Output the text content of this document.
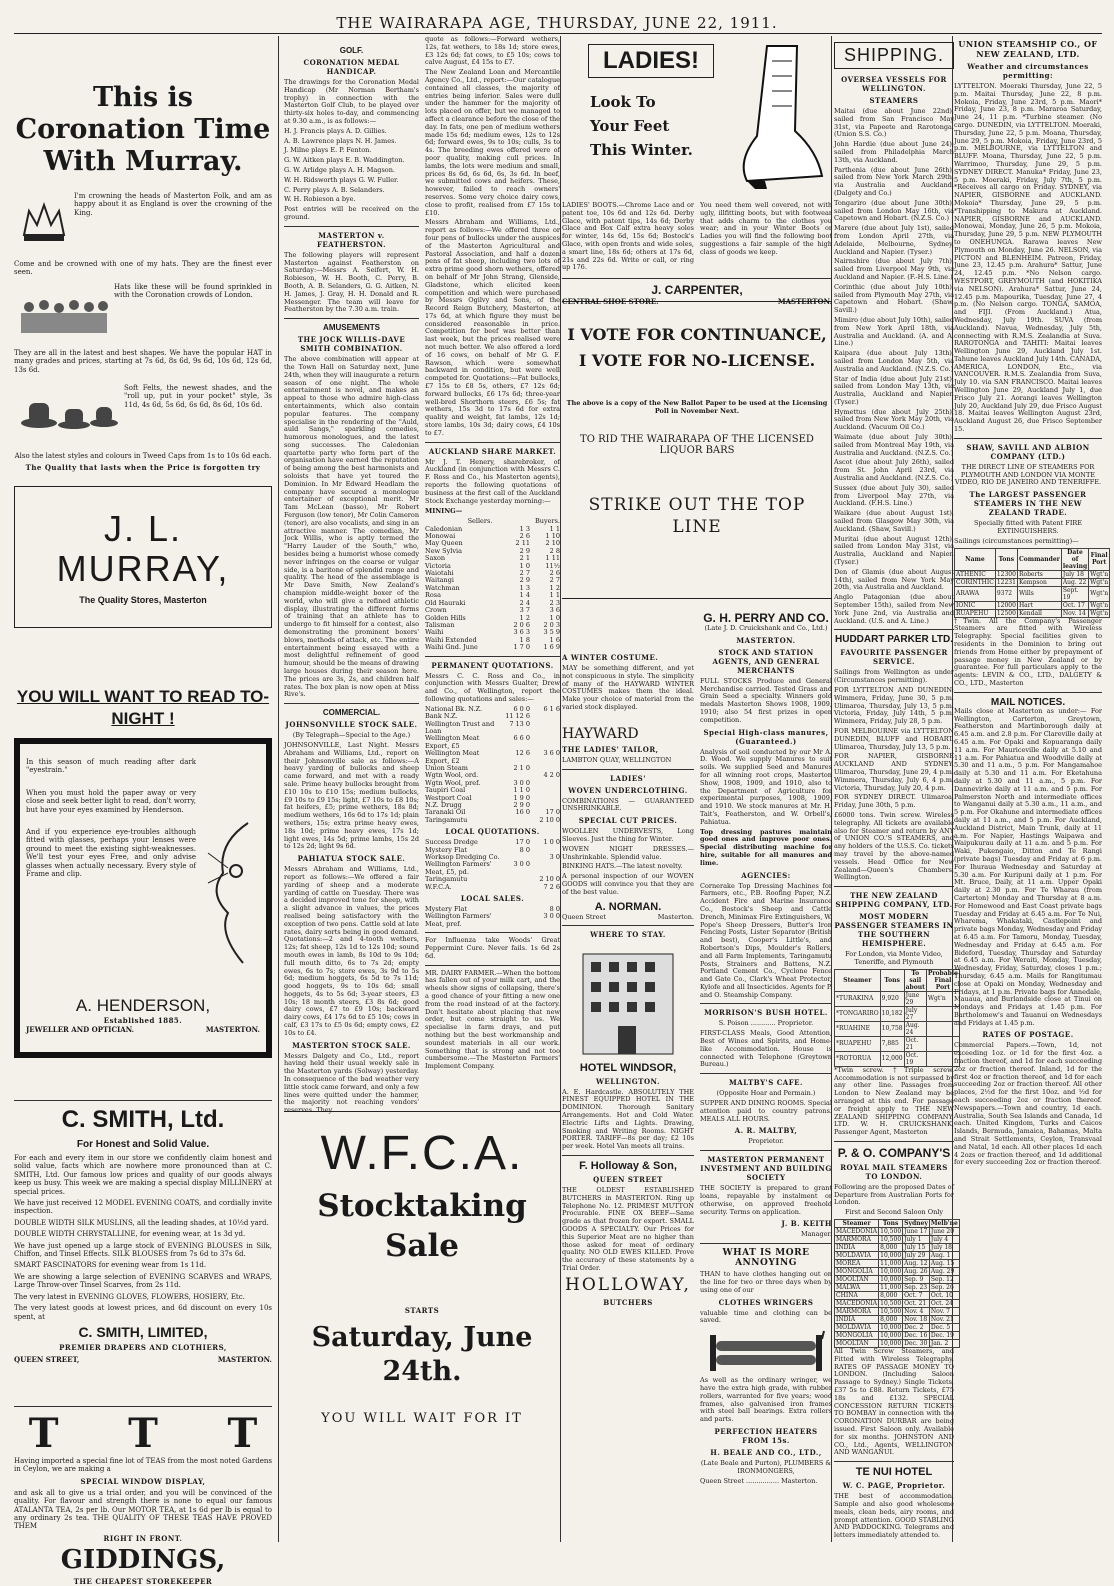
THE WAIRARAPA AGE, THURSDAY, JUNE 22, 1911.
This is Coronation Time With Murray.
I'm crowning the heads of Masterton Folk, and am as happy about it as England is over the crowning of the King.
Come and be crowned with one of my hats. They are the finest ever seen.
Hats like these will be found sprinkled in with the Coronation crowds of London.
They are all in the latest and best shapes. We have the popular HAT in many grades and prices, starting at 7s 6d, 8s 6d, 9s 6d, 10s 6d, 12s 6d, 13s 6d.
Soft Felts, the newest shades, and the "roll up, put in your pocket" style, 3s 11d, 4s 6d, 5s 6d, 6s 6d, 8s 6d, 10s 6d.
Also the latest styles and colours in Tweed Caps from 1s to 10s 6d each.
The Quality that lasts when the Price is forgotten try
J. L. MURRAY,
The Quality Stores, Masterton
YOU WILL WANT TO READ TO-NIGHT !
In this season of much reading after dark "eyestrain."
When you must hold the paper away or very close and seek better light to read, don't worry, but have your eyes examined by Henderson.
And if you experience eye-troubles although fitted with glasses, perhaps your lenses were ground to meet the existing sight-weaknesses. We'll test your eyes Free, and only advise glasses when actually necessary. Every style of Frame and clip.
A. HENDERSON,
Established 1885.
JEWELLER AND OPTICIAN.	MASTERTON.
C. SMITH, Ltd.
For Honest and Solid Value.
For each and every item in our store we confidently claim honest and solid value, facts which are nowhere more pronounced than at C. SMITH, Ltd. Our famous low prices and quality of our goods always keep us busy. This week we are making a special display MILLINERY at special prices.
We have just received 12 MODEL EVENING COATS, and cordially invite inspection.
DOUBLE WIDTH SILK MUSLINS, all the leading shades, at 10½d yard.
DOUBLE WIDTH CHRYSTALLINE, for evening wear, at 1s 3d yd.
We have just opened up a large stock of EVENING BLOUSES in Silk, Chiffon, and Tinsel Effects. SILK BLOUSES from 7s 6d to 37s 6d.
SMART FASCINATORS for evening wear from 1s 11d.
We are showing a large selection of EVENING SCARVES and WRAPS, Large Throw-over Tinsel Scarves, from 2s 11d.
The very latest in EVENING GLOVES, FLOWERS, HOSIERY, Etc.
The very latest goods at lowest prices, and 6d discount on every 10s spent, at
C. SMITH, LIMITED,
PREMIER DRAPERS AND CLOTHIERS,
QUEEN STREET,	MASTERTON.
T     T     T
Having imported a special fine lot of TEAS from the most noted Gardens in Ceylon, we are making a
SPECIAL WINDOW DISPLAY,
and ask all to give us a trial order, and you will be convinced of the quality. For flavour and strength there is none to equal our famous ATALANTA TEA, 2s per lb. Our MOTOR TEA, at 1s 6d per lb is equal to any ordinary 2s tea. THE QUALITY OF THESE TEAS HAVE PROVED THEM
RIGHT IN FRONT.
GIDDINGS,
THE CHEAPEST STOREKEEPER
GOLF.
CORONATION MEDAL HANDICAP.
The drawings for the Coronation Medal Handicap (Mr Norman Bertham's trophy) in connection with the Masterton Golf Club, to be played over thirty-six holes to-day, and commencing at 9.30 a.m., is as follows:—
H. J. Francis plays A. D. Gillies.
A. B. Lawrence plays N. H. James.
J. Milne plays E. P. Fenton.
G. W. Aitken plays E. B. Waddington.
G. W. Arlidge plays A. H. Magson.
W. H. Ridsworth plays G. W. Fuller.
C. Perry plays A. B. Selanders.
W. H. Robieson a bye.
Post entries will be received on the ground.
MASTERTON v. FEATHERSTON.
The following players will represent Masterton against Featherston on Saturday:—Messrs A. Seifert, W. H. Robieson, W. H. Booth, C. Perry, B. Booth, A. B. Selanders, G. G. Aitken, N. H. James, J. Gray, H. H. Donald and R. Messenger. The team will leave for Featherston by the 7.30 a.m. train.
AMUSEMENTS
THE JOCK WILLIS-DAVE SMITH COMBINATION.
The above combination will appear at the Town Hall on Saturday next, June 24th, when they will inaugurate a return season of one night. The whole entertainment is novel, and makes an appeal to those who admire high-class entertainments, which also contain popular features. The company specialise in the rendering of the "Auld, auld Sangs," sparkling comedies, humorous monologues, and the latest song successes. The Caledonian quartette party who form part of the organisation have earned the reputation of being among the best harmonists and soloists that have yet toured the Dominion. In Mr Edward Headlam the company have secured a monologue entertainer of exceptional merit. Mr Tam McLean (basso), Mr Robert Ferguson (low tenor), Mr Colin Cameron (tenor), are also vocalists, and sing in an attractive manner. The comedian, Mr Jock Willis, who is aptly termed the "Harry Lauder of the South," who, besides being a humorist whose comedy never infringes on the coarse or vulgar side, is a baritone of splendid range and quality. The head of the assemblage is Mr Dave Smith, New Zealand's champion middle-weight boxer of the world, who will give a refined athletic display, illustrating the different forms of training that an athlete has to undergo to fit himself for a contest, also demonstrating the prominent boxers' blows, methods of attack, etc. The entire entertainment being essayed with a most delightful refinement of good humour, should be the means of drawing large houses during their season here. The prices are 3s, 2s, and children half rates. The box plan is now open at Miss Rive's.
COMMERCIAL.
JOHNSONVILLE STOCK SALE.
(By Telegraph—Special to the Age.)
JOHNSONVILLE, Last Night. Messrs Abraham and Williams, Ltd., report on their Johnsonville sale as follows:—A heavy yarding of bullocks and sheep came forward, and met with a ready sale. Prime heavy bullocks brought from £10 10s to £10 15s; medium bullocks, £9 10s to £9 15s; light, £7 10s to £8 10s; fat heifers, £5; prime wethers, 18s 8d; medium wethers, 16s 6d to 17s 1d; plain wethers, 15s; extra prime heavy ewes, 18s 10d; prime heavy ewes, 17s 1d; light ewes, 14s 5d; prime lambs, 15s 2d to 12s 2d; light 9s 6d.
PAHIATUA STOCK SALE.
Messrs Abraham and Williams, Ltd., report as follows:—We offered a fair yarding of sheep and a moderate yarding of cattle on Tuesday. There was a decided improved tone for sheep, with a slight advance in values, the prices realised being satisfactory with the exception of two pens. Cattle sold at late rates, dairy sorts being in good demand. Quotations:—2 and 4-tooth wethers, 12s; fat sheep, 12s 1d to 12s 10d; sound mouth ewes in lamb, 8s 10d to 9s 10d; full mouth ditto, 6s to 7s 2d; empty ewes, 6s to 7s; store ewes, 3s 9d to 5s 6d; medium hoggets, 6s 5d to 7s 11d; good hoggets, 9s to 10s 6d; small hoggets, 4s to 5s 6d; 3-year steers, £3 10s; 18 month steers, £3 8s 6d; good dairy cows, £7 to £9 10s; backward dairy cows, £4 17s 6d to £5 10s; cows in calf, £3 17s to £5 0s 6d; empty cows, £2 10s to £4.
MASTERTON STOCK SALE.
Messrs Dalgety and Co., Ltd., report having held their usual weekly sale in the Masterton yards (Solway) yesterday. In consequence of the bad weather very little stock came forward, and only a few lines were quitted under the hammer, the majority not reaching vendors' reserves. They
quote as follows:—Forward wethers, 12s, fat wethers, to 18s 1d; store ewes, £3 12s 6d; fat cows, to £5 10s; cows to calve August, £4 15s to £7.
The New Zealand Loan and Mercantile Agency Co., Ltd., report:—Our catalogue contained all classes, the majority of entries being inferior. Sales were dull under the hammer for the majority of lots placed on offer, but we managed to affect a clearance before the close of the day. In fats, one pen of medium wethers made 15s 6d; medium ewes, 12s to 12s 6d; forward ewes, 9s to 10s; culls, 3s to 4s. The breeding ewes offered were of poor quality, making cull prices. In lambs, the lots were medium and small, prices 8s 6d, 6s 6d, 6s, 3s 6d. In beef, we submitted cows and heifers. These, however, failed to reach owners' reserves. Some very choice dairy cows, close to profit, realised from £7 15s to £10.
Messrs Abraham and Williams, Ltd., report as follows:—We offered three or four pens of bullocks under the auspices of the Masterton Agricultural and Pastoral Association, and half a dozen pens of fat sheep, including two lots of extra prime good shorn wethers, offered on behalf of Mr John Strang, Glenside, Gladstone, which elicited keen competition and which were purchased by Messrs Ogilvy and Sons, of the Record Reign Butchery, Masterton, at 17s 6d, at which figure they must be considered reasonable in price. Competition for beef was better than last week, but the prices realised were not much better. We also offered a lord of 16 cows, on behalf of Mr G. F. Rawson, which were somewhat backward in condition, but were well competed for. Quotations:—Fat bullocks, £7 15s to £8 5s, others, £7 12s 6d; forward bullocks, £6 17s 6d; three-year well-bred Shorthorn steers, £6 5s; fat wethers, 15s 3d to 17s 6d for extra quality and weight, fat lambs, 12s 1d; store lambs, 10s 3d; dairy cows, £4 10s to £7.
AUCKLAND SHARE MARKET.
Mr J. T. Henery, sharebroker, of Auckland (in conjunction with Messrs C. F. Ross and Co., his Masterton agents), reports the following quotations of business at the first call of the Auckland Stock Exchange yesterday morning:—
MINING—
Sellers.	Buyers.
Caledonian	1 3	1 1
Monowai	2 6	1 10
May Queen	2 11	2 10
New Sylvia	2 9	2 8
Saxon	2 1	1 11
Victoria	1 0	11½
Waiotahi	2 7	2 6
Waitangi	2 9	2 7
Watchman	1 3	1 2
Rosa	1 4	1 1
Old Hauraki	2 4	2 3
Crown	3 7	3 6
Golden Hills	1 2	1 0
Talisman	2 0 6	2 0 3
Waihi	3 6 3	3 5 9
Waihi Extended	1 8	1 6
Waihi Gnd. June	1 7 0	1 6 9
PERMANENT QUOTATIONS.
Messrs C. C. Ross and Co., in conjunction with Messrs Gualter, Drew and Co., of Wellington, report the following quotations and sales:—
National Bk. N.Z.	6 0 0	6 1 6
Bank N.Z.	11 12 6
Wellington Trust and Loan
7 13 0
Wellington Meat Export, £5
6 6 0
Wellington Meat Export, £2
12 6	3 6 0
Union Steam	2 1 0
Wgtn Wool, ord.	4 2 0
Wgtn Wool, pref.	3 0 0
Taupiri Coal	1 1 0
Westport Coal	1 9 0
N.Z. Drugg	2 9 0
Taranaki Oil	16 0	17 0
Taringamutu	2 10 0
LOCAL QUOTATIONS.
Success Dredge	17 0	1 0 0
Mystery Flat	8 0
Worksop Dredging Co.	3 0
Wellington Farmers' Meat, £5, pd.
3 0 0
Taringamutu	2 10 0
W.F.C.A.	7 2 6
LOCAL SALES.
Mystery Flat	8 0
Wellington Farmers' Meat, pref.
3 0 0
For Influenza take Woods' Great Peppermint Cure. Never fails. 1s 6d 2s 6d.
MR. DAIRY FARMER.—When the bottom has fallen out of your milk cart, and the wheels show signs of collapsing, there's a good chance of your fitting a new one from the road instead of at the factory. Don't hesitate about placing that new order, but come straight to us. We specialise in farm drays, and put nothing but the best workmanship and soundest materials in all our work. Something that is strong and not too cumbersome.—The Masterton Farmers' Implement Company.
W.F.C.A.
Stocktaking Sale
STARTS
Saturday, June 24th.
YOU WILL WAIT FOR IT
LADIES!
Look To
Your Feet
This Winter.
LADIES' BOOTS.—Chrome Lace and or patent toe, 10s 6d and 12s 6d. Derby Glace, with patent tips, 14s 6d; Derby Glace and Box Calf extra heavy soles for winter, 14s 6d, 15s 6d; Bostock's Glace, with open fronts and wide soles, a smart line, 18s 6d; others at 17s 6d, 21s and 22s 6d. Write or call, or ring up 176.
You need them well covered, not with ugly, illfitting boots, but with footwear that adds charm to the clothes you wear; and in your Winter Boots or Ladies you will find the following boot suggestions a fair sample of the high class of goods we keep.
J. CARPENTER,
CENTRAL SHOE STORE.	MASTERTON.
I VOTE FOR CONTINUANCE,
I VOTE FOR NO-LICENSE.
The above is a copy of the New Ballot Paper to be used at the Licensing Poll in November Next.
TO RID THE WAIRARAPA OF THE LICENSED LIQUOR BARS
STRIKE OUT THE TOP LINE
A WINTER COSTUME.
MAY be something different, and yet not conspicuous in style. The simplicity of many of the HAYWARD WINTER COSTUMES makes them the ideal. Make your choice of material from the varied stock displayed.
HAYWARD
THE LADIES' TAILOR,
LAMBTON QUAY, WELLINGTON
LADIES'
WOVEN UNDERCLOTHING.
COMBINATIONS — GUARANTEED UNSHRINKABLE.
SPECIAL CUT PRICES.
WOOLLEN UNDERVESTS, Long Sleeves. Just the thing for Winter.
WOVEN NIGHT DRESSES.—Unshrinkable. Splendid value.
BINKING HATS.—The latest novelty.
A personal inspection of our WOVEN GOODS will convince you that they are of the best value.
A. NORMAN.
Queen Street	Masterton.
WHERE TO STAY.
HOTEL WINDSOR,
WELLINGTON.
A. E. Hardcastle. ABSOLUTELY THE FINEST EQUIPPED HOTEL IN THE DOMINION. Thorough Sanitary Arrangements. Hot and Cold Water. Electric Lifts and Lights. Drawing, Smoking and Writing Rooms. NIGHT PORTER. TARIFF—8s per day; £2 10s per week. Hotel Van meets all trains.
F. Holloway & Son,
QUEEN STREET
THE OLDEST ESTABLISHED BUTCHERS in MASTERTON. Ring up Telephone No. 12. PRIMEST MUTTON Procurable. FINE OX BEEF—Same grade as that frozen for export. SMALL GOODS A SPECIALTY. Our Prices for this Superior Meat are no higher than those asked for meat of ordinary quality. NO OLD EWES KILLED. Prove the accuracy of these statements by a Trial Order.
HOLLOWAY,
BUTCHERS
G. H. PERRY AND CO.
(Late J. D. Cruickshank and Co., Ltd.)
MASTERTON.
STOCK AND STATION AGENTS, AND GENERAL MERCHANTS
FULL STOCKS Produce and General Merchandise carried. Tested Grass and Grain Seed a specialty. Winners gold medals Masterton Shows 1908, 1909, 1910; also 54 first prizes in open competition.
Special High-class manures, (Guaranteed.)
Analysis of soil conducted by our Mr A. D. Wood. We supply Manures to suit soils. We supplied Seed and Manures for all winning root crops, Masterton Show, 1908, 1909, and 1910, also to the Department of Agriculture for experimental purposes, 1908, 1909, and 1910. We stock manures at Mr. H. Tait's, Featherston, and W. Orbell's, Pahiatua.
Top dressing pastures maintain good ones and improve poor ones. Special distributing machine for hire, suitable for all manures and lime.
AGENCIES:
Cornerake Top Dressing Machines for Farmers, etc., P.B. Roofing Paper, N.Z. Accident Fire and Marine Insurance Co., Bostock's Sheep and Cattle Drench, Minimax Fire Extinguishers, W. Pope's Sheep Dressers, Butter's Iron Fencing Posts, Lister Separator (British and best), Cooper's Little's, and Robertson's Dips, Moulder's Rollers, and all Farm Implements, Taringamutu Posts, Strainers and Battens, N.Z. Portland Cement Co., Cyclone Fence and Gate Co., Clark's Wheat Protector, Kylofe and all Insecticides. Agents for P. and O. Steamship Company.
MORRISON'S BUSH HOTEL.
S. Poison ............ Proprietor.
FIRST-CLASS Meals, Good Attention, Best of Wines and Spirits, and Home-like Accommodation. House is connected with Telephone (Greytown Bureau.)
MALTBY'S CAFE.
(Opposite Hoar and Permain.)
SUPPER AND DINING ROOMS. Special attention paid to country patrons. MEALS ALL HOURS.
A. R. MALTBY,
Proprietor.
MASTERTON PERMANENT INVESTMENT AND BUILDING SOCIETY
THE SOCIETY is prepared to grant loans, repayable by instalment or otherwise, on approved freehold security. Terms on application.
J. B. KEITH
Manager.
WHAT IS MORE ANNOYING
THAN to have clothes hanging out on the line for two or three days when by using one of our
CLOTHES WRINGERS
valuable time and clothing can be saved.
As well as the ordinary wringer, we have the extra high grade, with rubber rollers, warranted for five years; wood frames, also galvanised iron frames with steel ball bearings. Extra rollers and parts.
PERFECTION HEATERS FROM 15s.
H. BEALE AND CO., LTD.,
(Late Beale and Purton), PLUMBERS & IRONMONGERS,
Queen Street ................ Masterton.
SHIPPING.
OVERSEA VESSELS FOR WELLINGTON.
STEAMERS
Maitai (due about June 22nd), sailed from San Francisco May 31st, via Papeete and Rarotonga. (Union S.S. Co.)
John Hardie (due about June 24), sailed from Philadelphia March 13th, via Auckland.
Parthenia (due about June 26th), sailed from New York March 29th, via Australia and Auckland. (Dalgety and Co.)
Tongariro (due about June 30th), sailed from London May 16th, via Capetown and Hobart. (N.Z.S. Co.)
Marere (due about July 1st), sailed from London April 27th, via Adelaide, Melbourne, Sydney, Auckland and Napier. (Tyser.)
Nairnshire (due about July 7th), sailed from Liverpool May 9th, via Auckland and Napier. (F.-H.S. Line.)
Corinthic (due about July 10th), sailed from Plymouth May 27th, via Capetown and Hobart. (Shaw, Savill.)
Mimiro (due about July 10th), sailed from New York April 18th, via Australia and Auckland. (A. and A. Line.)
Kaipara (due about July 13th), sailed from London May 5th, via Australia and Auckland. (N.Z.S. Co.)
Star of India (due about July 21st), sailed from London May 13th, via Australia, Auckland and Napier. (Tyser.)
Hymettus (due about July 25th), sailed from New York May 20th, via Auckland. (Vacuum Oil Co.)
Waimate (due about July 30th), sailed from Montreal May 19th, via Australia and Auckland. (N.Z.S. Co.)
Ascot (due about July 26th), sailed from St. John April 23rd, via Australia and Auckland. (N.Z.S. Co.)
Sussex (due about July 30), sailed from Liverpool May 27th, via Auckland. (F.H.S. Line.)
Waikare (due about August 1st), sailed from Glasgow May 30th, via Auckland. (Shaw, Savill.)
Muritai (due about August 12th), sailed from London May 31st, via Australia, Auckland and Napier. (Tyser.)
Den of Glamis (due about August 14th), sailed from New York May 20th, via Australia and Auckland.
Anglo Patagonian (due about September 15th), sailed from New York June 2nd, via Australia and Auckland. (U.S. and A. Line.)
HUDDART PARKER LTD.
FAVOURITE PASSENGER SERVICE.
Sailings from Wellington as under (Circumstances permitting).
FOR LYTTELTON AND DUNEDIN: Wimmera, Friday, June 30, 5 p.m. Ulimaroa, Thursday, July 13, 5 p.m. Victoria, Friday, July 14th, 5 p.m. Wimmera, Friday, July 28, 5 p.m.
FOR MELBOURNE via LYTTELTON DUNEDIN, BLUFF and HOBART. Ulimaroa, Thursday, July 13, 5 p.m.
FOR NAPIER, GISBORNE AUCKLAND AND SYDNEY. Ulimaroa, Thursday, June 29, 4 p.m. Wimmera, Thursday, July 6, 4 p.m. Victoria, Thursday, July 20, 4 p.m.
FOR SYDNEY DIRECT. Ulimaroa, Friday, June 30th, 5 p.m.
£6000 tons. Twin screw. Wireless telegraphy. All tickets are available also for Steamer and return by ANY of UNION CO.'S STEAMERS, and any holders of the U.S.S. Co. tickets may travel by the above-named vessels. Head Office for New Zealand—Queen's Chambers, Wellington.
THE NEW ZEALAND SHIPPING COMPANY, LTD.
MOST MODERN PASSENGER STEAMERS IN THE SOUTHERN HEMISPHERE.
For London, via Monte Video, Teneriffe, and Plymouth
Steamer	Tons	To sail about	Probable Final Port
*TURAKINA	9,920	June 29	Wgt'n
*TONGARIRO	10,182	July 27	
*RUAHINE	10,758	Aug. 24	
*RUAPEHU	7,885	Oct. 21	
*ROTORUA	12,000	Oct. 19	
*Twin screw. †Triple screw. Accommodation is not surpassed by any other line. Passages from London to New Zealand may be arranged at this end. For passage or freight apply to THE NEW ZEALAND SHIPPING COMPANY, LTD. W. H. CRUICKSHANK, Passenger Agent, Masterton
P. & O. COMPANY'S
ROYAL MAIL STEAMERS TO LONDON.
Following are the proposed Dates of Departure from Australian Ports for London.
First and Second Saloon Only
Steamer	Tons	Sydney	Melb'ne
MACEDONIA	10,500	June 17	June 20
MARMORA	10,500	July 1	July 4
INDIA	8,000	July 15	July 18
MOLDAVIA	10,000	July 29	Aug. 1
MOREA	11,000	Aug. 12	Aug. 15
MONGOLIA	10,000	Aug. 26	Aug. 29
MOOLTAN	10,000	Sep. 9	Sep. 12
MALWA	11,000	Sep. 23	Sep. 26
CHINA	8,000	Oct. 7	Oct. 10
MACEDONIA	10,500	Oct. 21	Oct. 24
MARMORA	10,500	Nov. 4	Nov. 7
INDIA	8,000	Nov. 18	Nov. 21
MOLDAVIA	10,000	Dec. 2	Dec. 5
MONGOLIA	10,000	Dec. 16	Dec. 19
MOOLTAN	10,000	Dec. 30	Jan. 2
All Twin Screw Steamers, and Fitted with Wireless Telegraphy. RATES OF PASSAGE MONEY TO LONDON. (Including Saloon Passage to Sydney.) Single Tickets, £37 5s to £88. Return Tickets, £75 18s and £132. SPECIAL CONCESSION RETURN TICKETS TO BOMBAY in connection with the CORONATION DURBAR are being issued. First Saloon only. Available for six months. JOHNSTON AND CO., Ltd., Agents, WELLINGTON AND WANGANUI.
TE NUI HOTEL
W. C. PAGE, Proprietor.
THE best of accommodation, Sample and also good wholesome meals, clean beds, airy rooms, and prompt attention. GOOD STABLING AND PADDOCKING. Telegrams and letters immediately attended to.
UNION STEAMSHIP CO., OF NEW ZEALAND, LTD.
Weather and circumstances permitting:
LYTTELTON. Moeraki Thursday, June 22, 5 p.m. Maitai Thursday, June 22, 8 p.m. Mokoia, Friday, June 23rd, 5 p.m. Maori* Friday, June 23, 8 p.m. Mararoa Saturday, June 24, 11 p.m. *Turbine steamer. (No cargo. DUNEDIN, via LYTTELTON. Moeraki, Thursday, June 22, 5 p.m. Moana, Thursday, June 29, 5 p.m. Mokoia, Friday, June 23rd, 5 p.m. MELBOURNE, via LYTTELTON and BLUFF. Moana, Thursday, June 22, 5 p.m. Warrimoo, Thursday, June 29, 5 p.m. SYDNEY DIRECT. Manuka* Friday, June 23, 5 p.m. Moeraki, Friday, July 7th, 5 p.m. *Receives all cargo on Friday. SYDNEY, via NAPIER, GISBORNE and AUCKLAND. Mokoia* Thursday, June 29, 5 p.m. *Transhipping to Makura at Auckland. NAPIER, GISBORNE and AUCKLAND. Monowai, Monday, June 26, 5 p.m. Mokoia, Thursday, June 29, 5 p.m. NEW PLYMOUTH to ONEHUNGA. Rarawa leaves New Plymouth on Monday, June 26. NELSON, via PICTON and BLENHEIM. Patreon, Friday, June 23, 12.45 p.m. Arahura* Sattur, June 24, 12.45 p.m. *No Nelson cargo. WESTPORT, GREYMOUTH (and HOKITIKA via NELSON). Arahura* Sattur, June 24, 12.45 p.m. Mapourika, Tuesday, June 27, 4 p.m. (No Nelson cargo. TONGA, SAMOA, and FIJI. (From Auckland.) Atua, Wednesday, July 19th. SUVA (from Auckland). Navua, Wednesday, July 5th, connecting with R.M.S. Zealandia at Suva. RAROTONGA and TAHITI: Maitai leaves Wellington June 29, Auckland July 1st. Tahune leaves Auckland July 14th. CANADA, AMERICA, LONDON, Etc., via VANCOUVER. R.M.S. Zealandia from Suva, July 10. via SAN FRANCISCO. Maitai leaves Wellington June 29, Auckland July 1, due Frisco July 21. Aorangi leaves Wellington July 20, Auckland July 29, due Frisco August 18. Maitai leaves Wellington August 23rd, Auckland August 26, due Frisco September 15.
SHAW, SAVILL AND ALBION COMPANY (LTD.)
THE DIRECT LINE OF STEAMERS FOR PLYMOUTH AND LONDON VIA MONTE VIDEO, RIO DE JANEIRO AND TENERIFFE.
The LARGEST PASSENGER STEAMERS IN THE NEW ZEALAND TRADE.
Specially fitted with Patent FIRE EXTINGUISHERS.
Sailings (circumstances permitting)—
Name	Tons	Commander	Date of leaving	Final Port
ATHENIC	12300	Roberts	July 18	Wgt'n
CORINTHIC	12231	Kempson	Aug. 22	Wgt'n
ARAWA	9372	Wills	Sept. 19	Wgt'n
IONIC	12000	Hart	Oct. 17	Wgt'n
RUAPEHU	12500	Kendall	Nov. 14	Wgt'n
†Twin. All the Company's Passenger Steamers are fitted with Wireless Telegraphy. Special facilities given to residents in the Dominion to bring out friends from Home either by prepayment of passage money in New Zealand or by guarantee. For full particulars apply to the agents: LEVIN & CO., LTD., DALGETY & CO., LTD., Masterton
MAIL NOTICES.
Mails close at Masterton as under:— For Wellington, Carterton, Greytown, Featherston and Martinborough daily at 6.45 a.m. and 2.8 p.m. For Clareville daily at 6.45 a.m. For Opaki and Kopuaranga daily 11 a.m. For Mauriceville daily at 5.10 and 11 a.m. For Pahiatua and Woodville daily at 5.30 and 11 a.m., 5 p.m. For Mangamahoe daily at 5.30 and 11 a.m. For Eketahuna daily at 5.30 and 11 a.m., 5 p.m. For Dannevirke daily at 11 a.m. and 5 p.m. For Palmerston North and intermediate offices to Wanganui daily at 5.30 a.m., 11 a.m., and 5 p.m. For Okahune and intermediate offices daily at 11 a.m., and 5 p.m. For Auckland, Auckland District, Main Trunk, daily at 11 a.m. For Napier, Hastings Waipawa and Waipukurau daily at 11 a.m. and 5 p.m. For Waki, Pukengaio, Ditton and Te Rangi (private bags) Tuesday and Friday at 6 p.m. For Ihuraua Wednesday and Saturday at 5.30 a.m. For Kuripuni daily at 1 p.m. For Mt. Bruce, Daily, at 11 a.m. Upper Opaki daily at 2.30 p.m. For Te Wharau (from Carterton) Monday and Thursday at 8 a.m. For Homewood and East Coast private bags Tuesday and Friday at 6.45 a.m. For Te Nui, Wharema, Whakataki, Castlepoint and private bags Monday, Wednesday and Friday at 6.45 a.m. For Tamoru, Monday, Tuesday, Wednesday and Friday at 6.45 a.m. For Bideford, Tuesday, Thursday and Saturday at 6.45 a.m. For Weraiti, Monday, Tuesday, Wednesday, Friday, Saturday, closes 1 p.m.; Thursday, 6.45 a.m. Mails for Rangitumau close at Opaki on Monday, Wednesday and Fridays, at 1 p.m. Private bags for Annedale, Mauaua, and Burlandside close at Tinui on Mondays and Fridays at 1.45 p.m. For Bartholomew's and Tauanui on Wednesdays and Fridays at 1.45 p.m.
RATES OF POSTAGE.
Commercial Papers.—Town, 1d, not exceeding 1oz. or 1d for the first 4oz. a fraction thereof, and 1d for each succeeding 2oz or fraction thereof. Inland, 1d for the first 4oz or fraction thereof, and 1d for each succeeding 2oz or fraction thereof. All other places, 2½d for the first 10oz. and ½d for each succeeding 2oz or fraction thereof. Newspapers.—Town and country, 1d each. Australia, South Sea Islands and Canada, 1d each. United Kingdom, Turks and Caicos Islands, Bermuda, Jamaica, Bahamas, Malta and Strait Settlements, Ceylon, Transvaal and Natal, 1d each. All other places 1d each 4 2ozs or fraction thereof, and 1d additional for every succeeding 2oz or fraction thereof.
